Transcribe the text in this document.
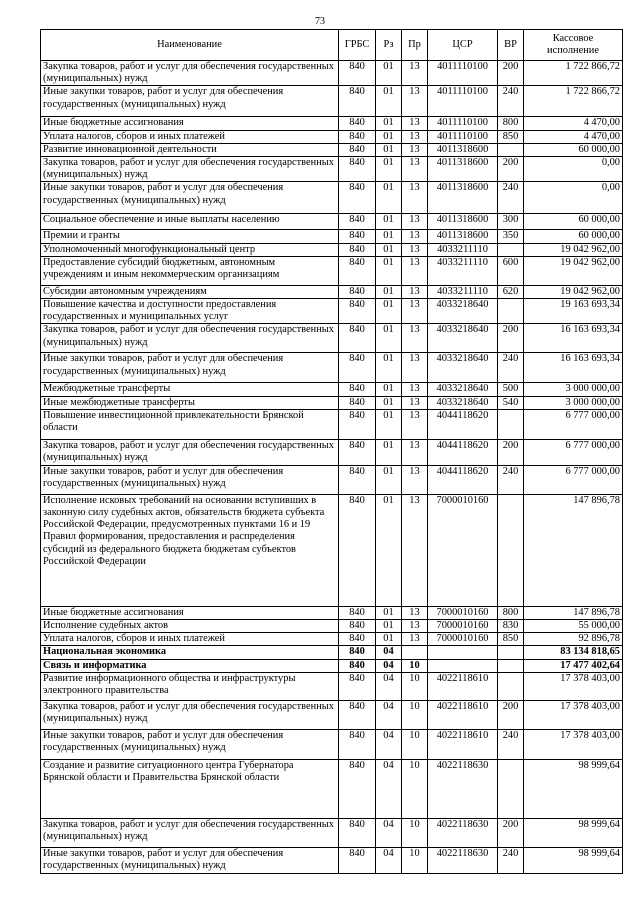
73
Наименование	ГРБС	Рз	Пр	ЦСР	ВР	Кассовое исполнение
Закупка товаров, работ и услуг для обеспечения государственных (муниципальных) нужд	840	01	13	4011110100	200	1 722 866,72
Иные закупки товаров, работ и услуг для обеспечения государственных (муниципальных) нужд	840	01	13	4011110100	240	1 722 866,72
Иные бюджетные ассигнования	840	01	13	4011110100	800	4 470,00
Уплата налогов, сборов и иных платежей	840	01	13	4011110100	850	4 470,00
Развитие инновационной деятельности	840	01	13	4011318600		60 000,00
Закупка товаров, работ и услуг для обеспечения государственных (муниципальных) нужд	840	01	13	4011318600	200	0,00
Иные закупки товаров, работ и услуг для обеспечения государственных (муниципальных) нужд	840	01	13	4011318600	240	0,00
Социальное обеспечение и иные выплаты населению	840	01	13	4011318600	300	60 000,00
Премии и гранты	840	01	13	4011318600	350	60 000,00
Уполномоченный многофункциональный центр	840	01	13	4033211110		19 042 962,00
Предоставление субсидий бюджетным, автономным учреждениям и иным некоммерческим организациям	840	01	13	4033211110	600	19 042 962,00
Субсидии автономным учреждениям	840	01	13	4033211110	620	19 042 962,00
Повышение качества и доступности предоставления государственных и муниципальных услуг	840	01	13	4033218640		19 163 693,34
Закупка товаров, работ и услуг для обеспечения государственных (муниципальных) нужд	840	01	13	4033218640	200	16 163 693,34
Иные закупки товаров, работ и услуг для обеспечения государственных (муниципальных) нужд	840	01	13	4033218640	240	16 163 693,34
Межбюджетные трансферты	840	01	13	4033218640	500	3 000 000,00
Иные межбюджетные трансферты	840	01	13	4033218640	540	3 000 000,00
Повышение инвестиционной привлекательности Брянской области	840	01	13	4044118620		6 777 000,00
Закупка товаров, работ и услуг для обеспечения государственных (муниципальных) нужд	840	01	13	4044118620	200	6 777 000,00
Иные закупки товаров, работ и услуг для обеспечения государственных (муниципальных) нужд	840	01	13	4044118620	240	6 777 000,00
Исполнение исковых требований на основании вступивших в законную силу судебных актов, обязательств бюджета субъекта Российской Федерации, предусмотренных пунктами 16 и 19 Правил формирования, предоставления и распределения субсидий из федерального бюджета бюджетам субъектов Российской Федерации	840	01	13	7000010160		147 896,78
Иные бюджетные ассигнования	840	01	13	7000010160	800	147 896,78
Исполнение судебных актов	840	01	13	7000010160	830	55 000,00
Уплата налогов, сборов и иных платежей	840	01	13	7000010160	850	92 896,78
Национальная экономика	840	04				83 134 818,65
Связь и информатика	840	04	10			17 477 402,64
Развитие информационного общества и инфраструктуры электронного правительства	840	04	10	4022118610		17 378 403,00
Закупка товаров, работ и услуг для обеспечения государственных (муниципальных) нужд	840	04	10	4022118610	200	17 378 403,00
Иные закупки товаров, работ и услуг для обеспечения государственных (муниципальных) нужд	840	04	10	4022118610	240	17 378 403,00
Создание и развитие ситуационного центра Губернатора Брянской области и Правительства Брянской области	840	04	10	4022118630		98 999,64
Закупка товаров, работ и услуг для обеспечения государственных (муниципальных) нужд	840	04	10	4022118630	200	98 999,64
Иные закупки товаров, работ и услуг для обеспечения государственных (муниципальных) нужд	840	04	10	4022118630	240	98 999,64
